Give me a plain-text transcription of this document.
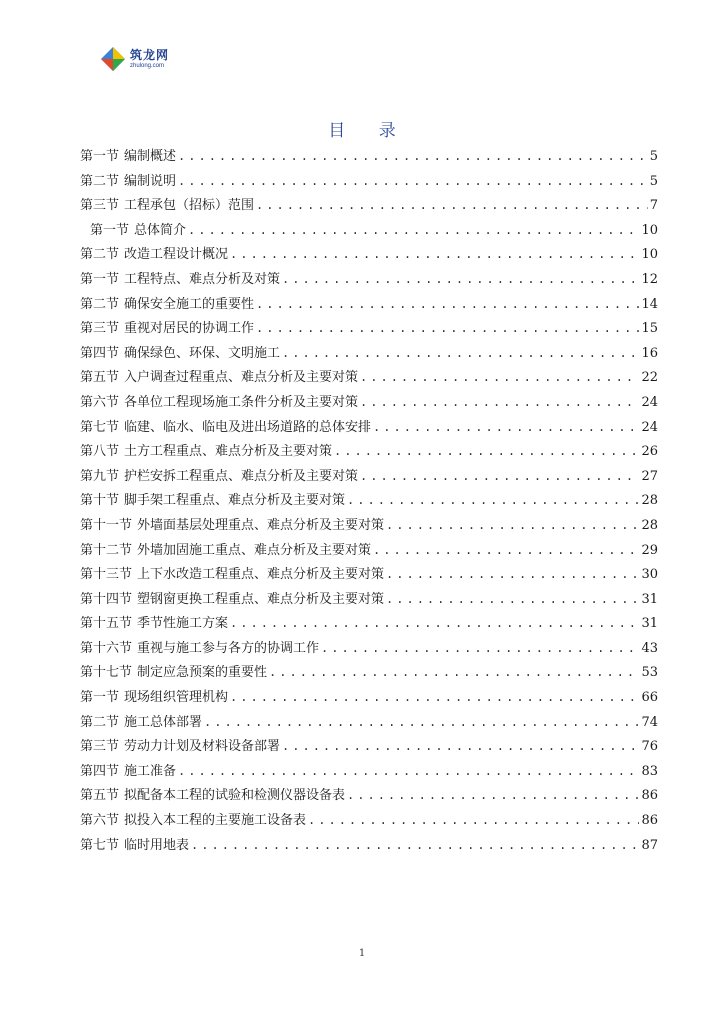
筑龙网
zhulong.com
目 录
第一节 编制概述 .....	5
第二节 编制说明 .....	5
第三节 工程承包（招标）范围 .....	7
第一节 总体简介 .....	10
第二节 改造工程设计概况 .....	10
第一节 工程特点、难点分析及对策 .....	12
第二节 确保安全施工的重要性 .....	14
第三节 重视对居民的协调工作 .....	15
第四节 确保绿色、环保、文明施工 .....	16
第五节 入户调查过程重点、难点分析及主要对策 .....	22
第六节 各单位工程现场施工条件分析及主要对策 .....	24
第七节 临建、临水、临电及进出场道路的总体安排 .....	24
第八节 土方工程重点、难点分析及主要对策 .....	26
第九节 护栏安拆工程重点、难点分析及主要对策 .....	27
第十节 脚手架工程重点、难点分析及主要对策 .....	28
第十一节 外墙面基层处理重点、难点分析及主要对策 .....	28
第十二节 外墙加固施工重点、难点分析及主要对策 .....	29
第十三节 上下水改造工程重点、难点分析及主要对策 .....	30
第十四节 塑钢窗更换工程重点、难点分析及主要对策 .....	31
第十五节 季节性施工方案 .....	31
第十六节 重视与施工参与各方的协调工作 .....	43
第十七节 制定应急预案的重要性 .....	53
第一节 现场组织管理机构 .....	66
第二节 施工总体部署 .....	74
第三节 劳动力计划及材料设备部署 .....	76
第四节 施工准备 .....	83
第五节 拟配备本工程的试验和检测仪器设备表 .....	86
第六节 拟投入本工程的主要施工设备表 .....	86
第七节 临时用地表 .....	87
1
